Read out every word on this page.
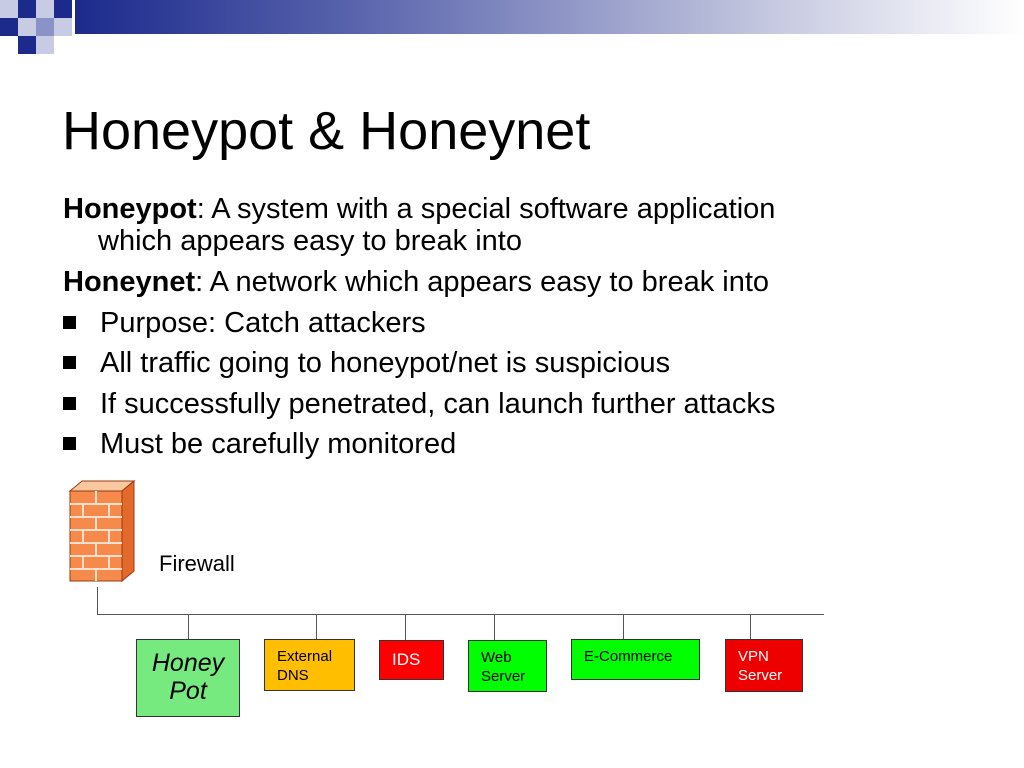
Honeypot & Honeynet
Honeypot: A system with a special software application
which appears easy to break into
Honeynet: A network which appears easy to break into
Purpose: Catch attackers
All traffic going to honeypot/net is suspicious
If successfully penetrated, can launch further attacks
Must be carefully monitored
Firewall
Honey
Pot
External
DNS
IDS	Web
Server
E-Commerce	VPN
Server
